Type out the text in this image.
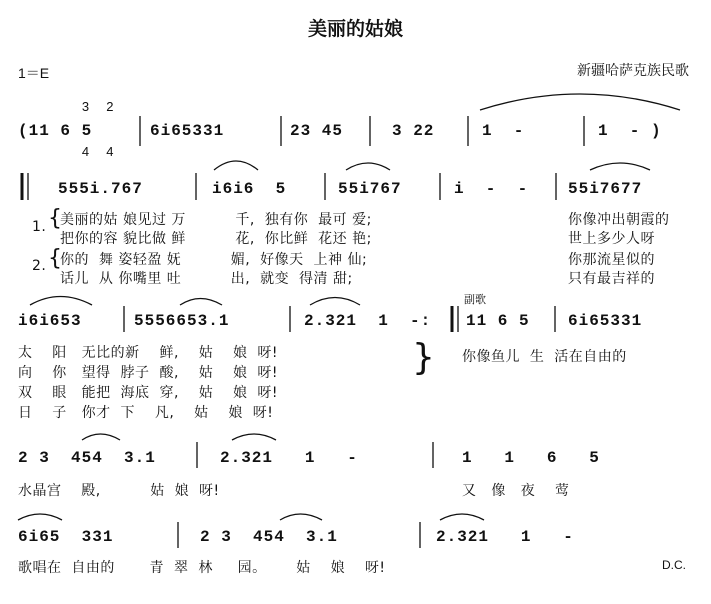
美丽的姑娘
1＝E

3

4

2

4

新疆哈萨克族民歌
(11 6 5	6i65331	23 45	3 22	1  -	1  - )
555i.767	i6i6  5	55i767	i  -  - 55i7677
1.
2.
{
{
美丽的姑 娘见过 万          千,  独有你  最可 爱;
把你的容 貌比做 鲜          花,  你比鲜  花还 艳;
你的  舞 姿轻盈 妩          媚,  好像天  上神 仙;
话儿  从 你嘴里 吐          出,  就变  得清 甜;
你像冲出朝霞的
世上多少人呀
你那流星似的
只有最吉祥的
副歌
i6i653	5556653.1	2.321  1  -: 11 6 5 6i65331
太    阳   无比的新    鲜,    姑    娘  呀!
向    你   望得  脖子  酸,    姑    娘  呀!
双    眼   能把  海底  穿,    姑    娘  呀!
日    子   你才  下    凡,    姑    娘  呀!
} 你像鱼儿  生  活在自由的
2 3  454  3.1	2.321   1   -	1   1   6   5
水晶宫    殿,          姑  娘  呀!	又   像   夜    莺
6i65  331	2 3  454  3.1	2.321   1   -
歌唱在  自由的       青  翠  林     园。      姑    娘    呀!	D.C.
